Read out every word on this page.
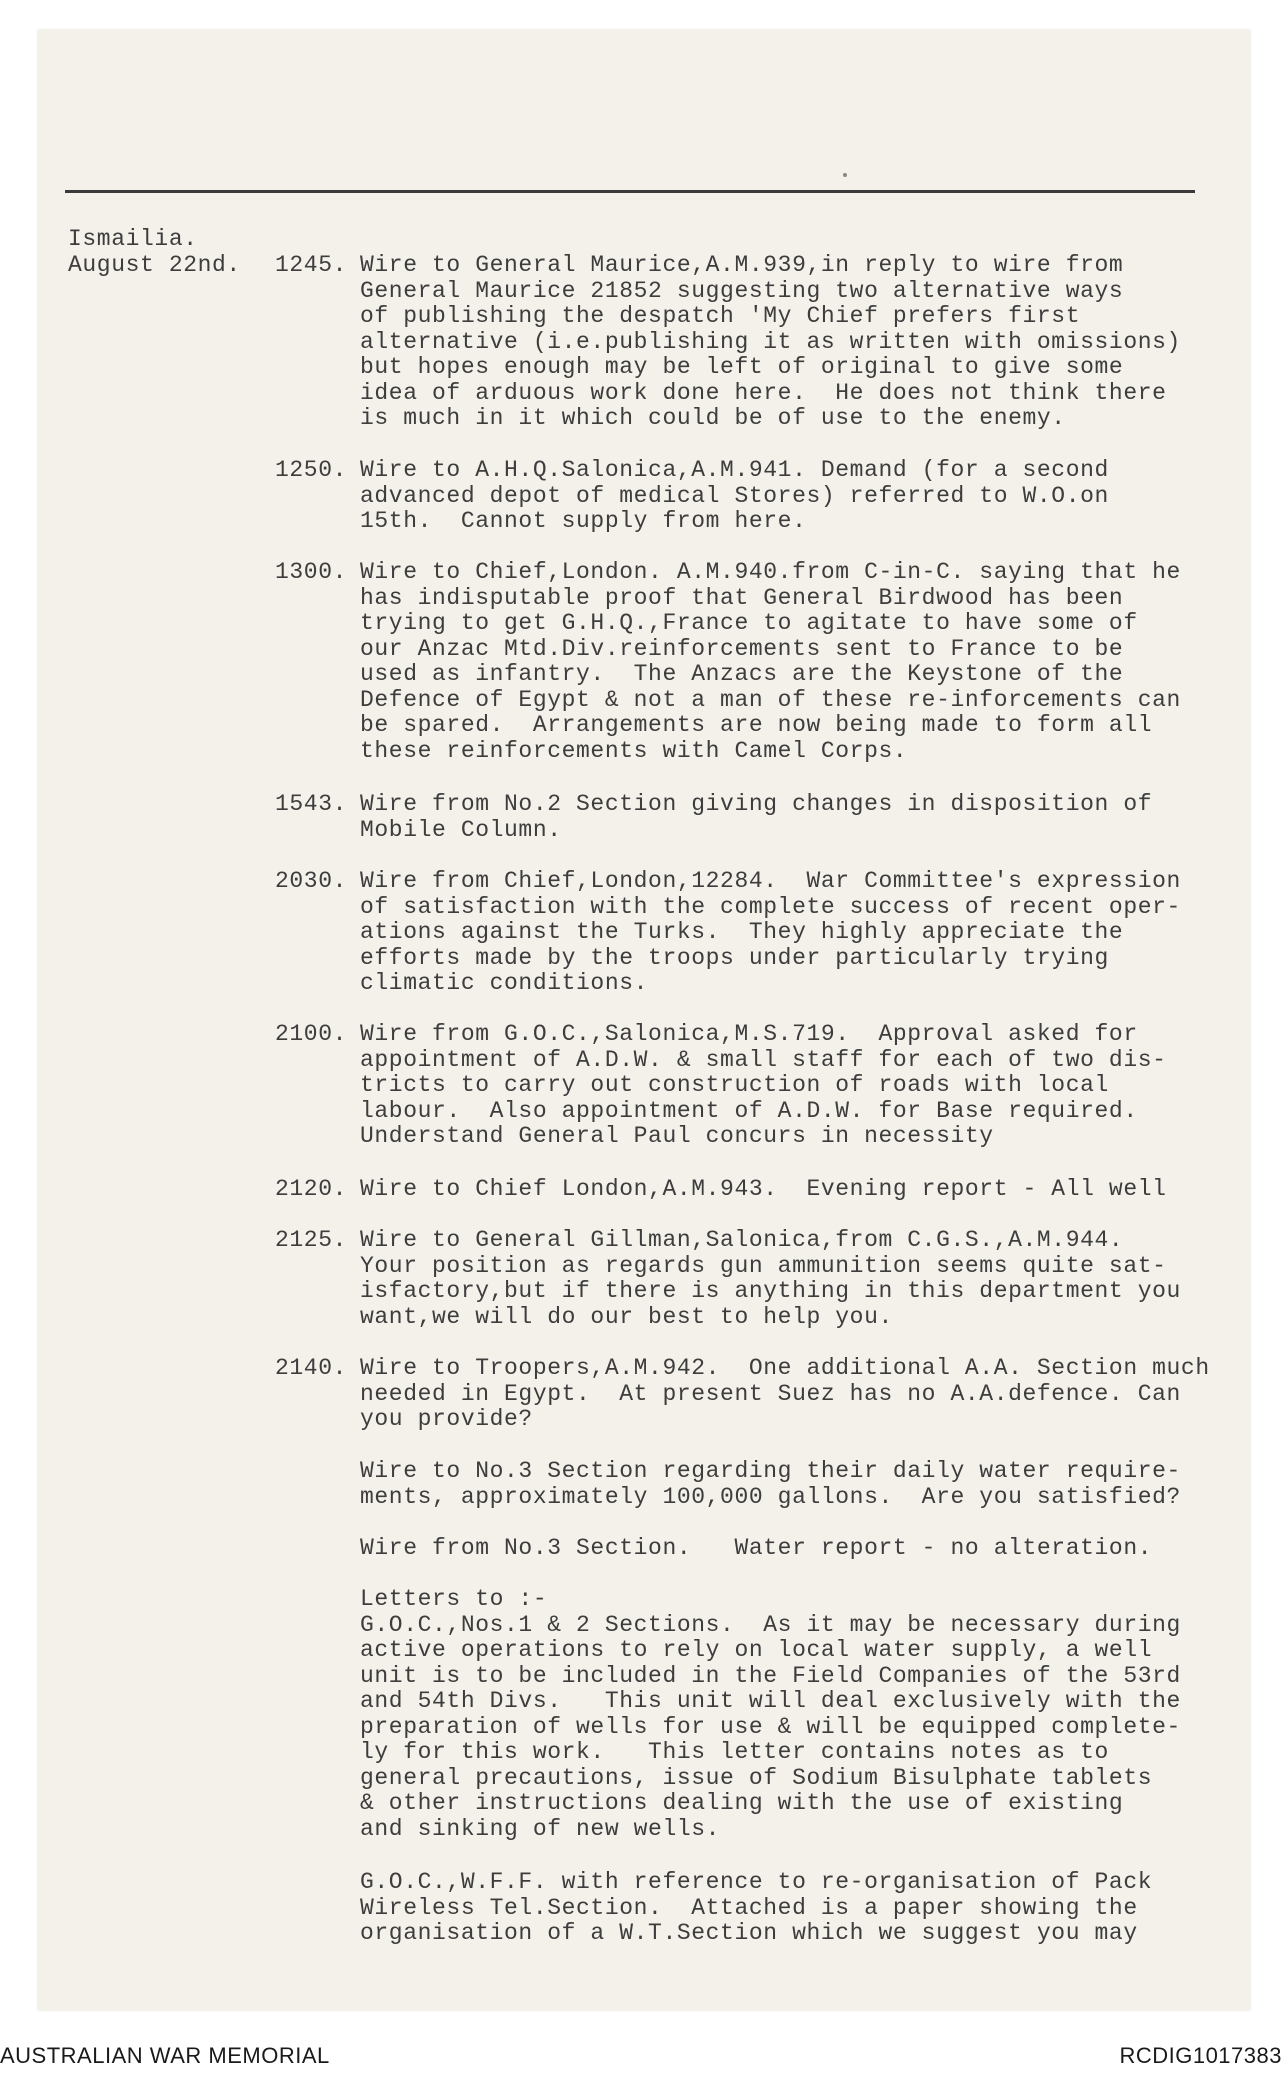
Ismailia.
August 22nd.	1245. Wire to General Maurice,A.M.939,in reply to wire from
General Maurice 21852 suggesting two alternative ways
of publishing the despatch 'My Chief prefers first
alternative (i.e.publishing it as written with omissions)
but hopes enough may be left of original to give some
idea of arduous work done here.  He does not think there
is much in it which could be of use to the enemy.
1250. Wire to A.H.Q.Salonica,A.M.941. Demand (for a second
advanced depot of medical Stores) referred to W.O.on
15th.  Cannot supply from here.
1300. Wire to Chief,London. A.M.940.from C-in-C. saying that he
has indisputable proof that General Birdwood has been
trying to get G.H.Q.,France to agitate to have some of
our Anzac Mtd.Div.reinforcements sent to France to be
used as infantry.  The Anzacs are the Keystone of the
Defence of Egypt & not a man of these re-inforcements can
be spared.  Arrangements are now being made to form all
these reinforcements with Camel Corps.
1543. Wire from No.2 Section giving changes in disposition of
Mobile Column.
2030. Wire from Chief,London,12284.  War Committee's expression
of satisfaction with the complete success of recent oper-
ations against the Turks.  They highly appreciate the
efforts made by the troops under particularly trying
climatic conditions.
2100. Wire from G.O.C.,Salonica,M.S.719.  Approval asked for
appointment of A.D.W. & small staff for each of two dis-
tricts to carry out construction of roads with local
labour.  Also appointment of A.D.W. for Base required.
Understand General Paul concurs in necessity
2120. Wire to Chief London,A.M.943.  Evening report - All well
2125. Wire to General Gillman,Salonica,from C.G.S.,A.M.944.
Your position as regards gun ammunition seems quite sat-
isfactory,but if there is anything in this department you
want,we will do our best to help you.
2140. Wire to Troopers,A.M.942.  One additional A.A. Section much
needed in Egypt.  At present Suez has no A.A.defence. Can
you provide?
Wire to No.3 Section regarding their daily water require-
ments, approximately 100,000 gallons.  Are you satisfied?
Wire from No.3 Section.   Water report - no alteration.
Letters to :-
G.O.C.,Nos.1 & 2 Sections.  As it may be necessary during
active operations to rely on local water supply, a well
unit is to be included in the Field Companies of the 53rd
and 54th Divs.   This unit will deal exclusively with the
preparation of wells for use & will be equipped complete-
ly for this work.   This letter contains notes as to
general precautions, issue of Sodium Bisulphate tablets
& other instructions dealing with the use of existing
and sinking of new wells.
G.O.C.,W.F.F. with reference to re-organisation of Pack
Wireless Tel.Section.  Attached is a paper showing the
organisation of a W.T.Section which we suggest you may
AUSTRALIAN WAR MEMORIAL	RCDIG1017383
